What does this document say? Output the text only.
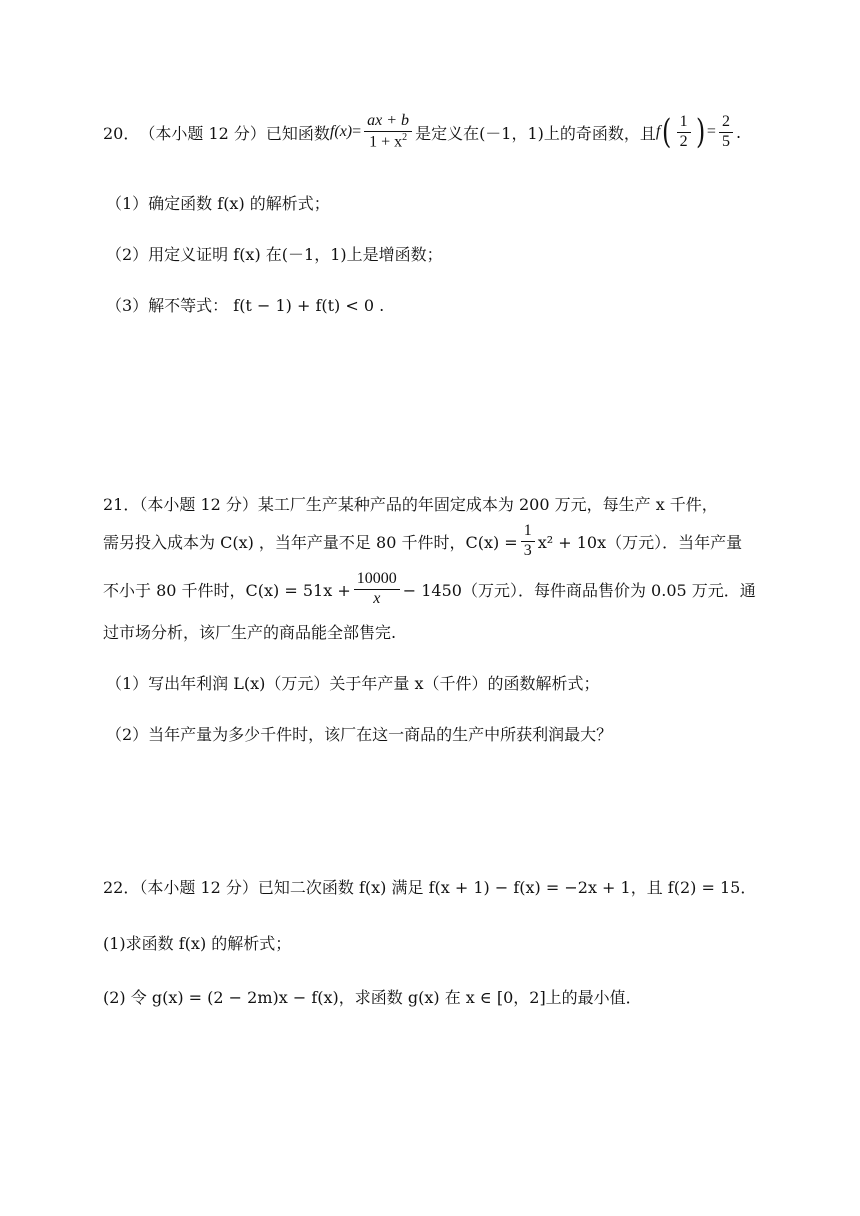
20． （本小题 12 分）已知函数 $f(x) = \frac{ax + b}{1 + x^2}$ 是定义在(－1，1)上的奇函数，且 f ( $\frac{1}{2}$ ) = $\frac{2}{5}$ .
（1）确定函数 f(x) 的解析式；
（2）用定义证明 f(x) 在(－1，1)上是增函数；
（3）解不等式： f(t − 1) + f(t) < 0 .
21．（本小题 12 分）某工厂生产某种产品的年固定成本为 200 万元，每生产 x 千件，
需另投入成本为 C(x) ，当年产量不足 80 千件时，$C(x) = \frac{1}{3} x^2 + 10x$（万元）．当年产量
不小于 80 千件时，$C(x) = 51x + \frac{10000}{x} - 1450$（万元）．每件商品售价为 0.05 万元．通
过市场分析，该厂生产的商品能全部售完.
（1）写出年利润 L(x)（万元）关于年产量 x（千件）的函数解析式；
（2）当年产量为多少千件时，该厂在这一商品的生产中所获利润最大？
22．（本小题 12 分）已知二次函数 f(x) 满足 f(x + 1) − f(x) = −2x + 1，且 f(2) = 15．
(1)求函数 f(x) 的解析式；
(2) 令 g(x) = (2 − 2m)x − f(x)，求函数 g(x) 在 x ∈ [0，2]上的最小值．
